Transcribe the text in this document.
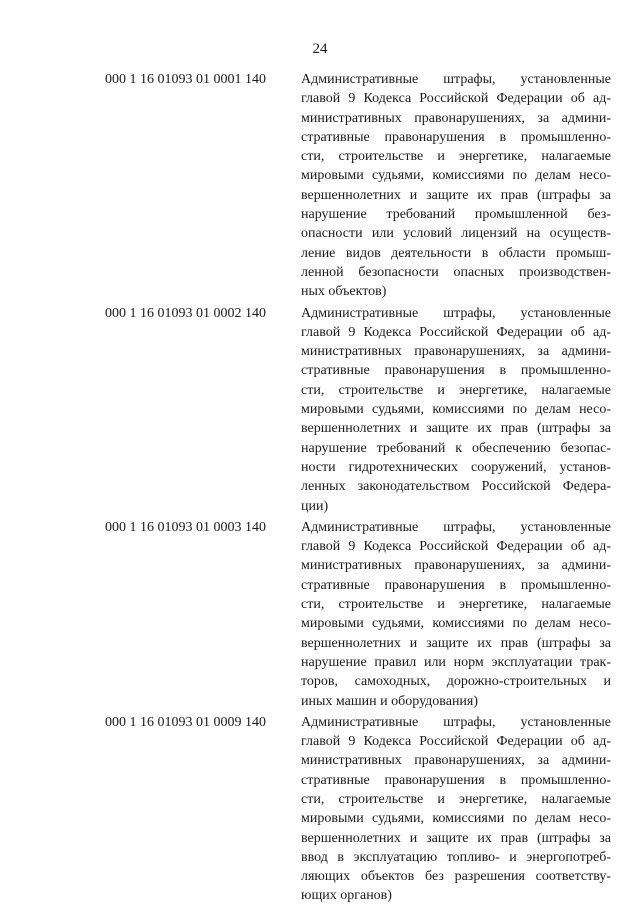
24
000 1 16 01093 01 0001 140	Административные штрафы, установленные
главой 9 Кодекса Российской Федерации об ад-
министративных правонарушениях, за админи-
стративные правонарушения в промышленно-
сти, строительстве и энергетике, налагаемые
мировыми судьями, комиссиями по делам несо-
вершеннолетних и защите их прав (штрафы за
нарушение требований промышленной без-
опасности или условий лицензий на осуществ-
ление видов деятельности в области промыш-
ленной безопасности опасных производствен-
ных объектов)
000 1 16 01093 01 0002 140	Административные штрафы, установленные
главой 9 Кодекса Российской Федерации об ад-
министративных правонарушениях, за админи-
стративные правонарушения в промышленно-
сти, строительстве и энергетике, налагаемые
мировыми судьями, комиссиями по делам несо-
вершеннолетних и защите их прав (штрафы за
нарушение требований к обеспечению безопас-
ности гидротехнических сооружений, установ-
ленных законодательством Российской Федера-
ции)
000 1 16 01093 01 0003 140	Административные штрафы, установленные
главой 9 Кодекса Российской Федерации об ад-
министративных правонарушениях, за админи-
стративные правонарушения в промышленно-
сти, строительстве и энергетике, налагаемые
мировыми судьями, комиссиями по делам несо-
вершеннолетних и защите их прав (штрафы за
нарушение правил или норм эксплуатации трак-
торов, самоходных, дорожно-строительных и
иных машин и оборудования)
000 1 16 01093 01 0009 140	Административные штрафы, установленные
главой 9 Кодекса Российской Федерации об ад-
министративных правонарушениях, за админи-
стративные правонарушения в промышленно-
сти, строительстве и энергетике, налагаемые
мировыми судьями, комиссиями по делам несо-
вершеннолетних и защите их прав (штрафы за
ввод в эксплуатацию топливо- и энергопотреб-
ляющих объектов без разрешения соответству-
ющих органов)
